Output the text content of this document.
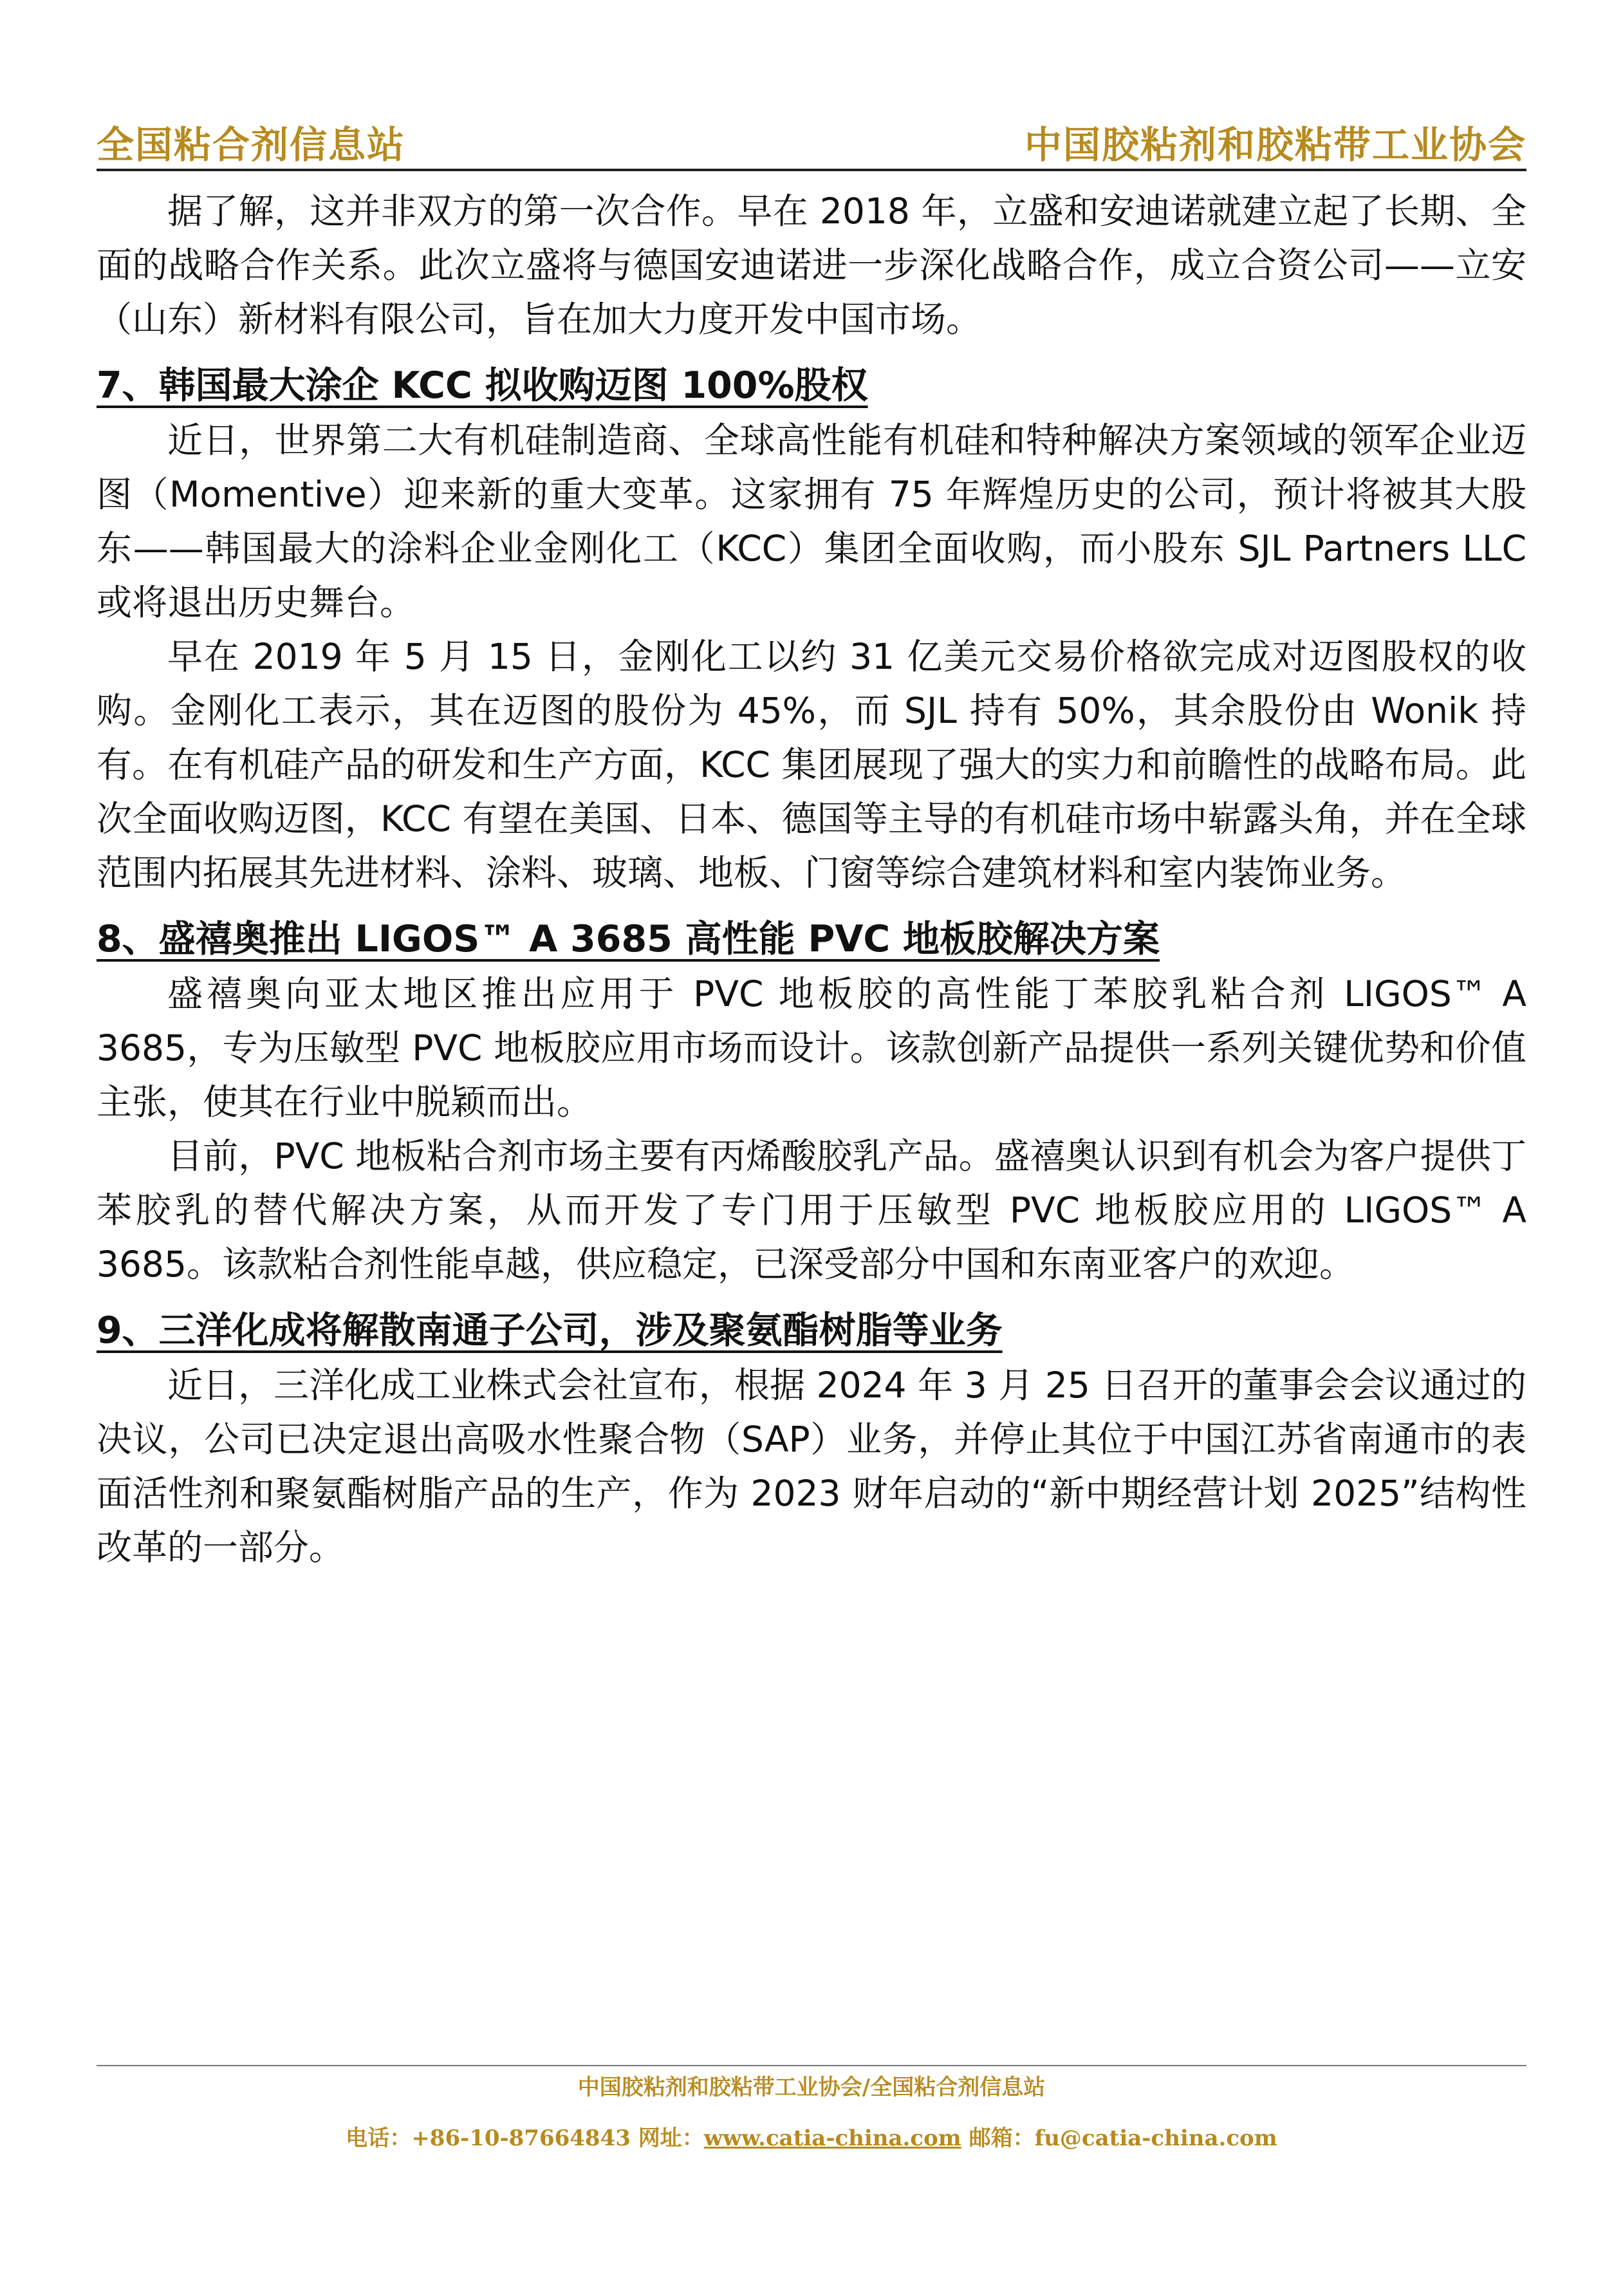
全国粘合剂信息站	中国胶粘剂和胶粘带工业协会

据了解，这并非双方的第一次合作。早在 2018 年，立盛和安迪诺就建立起了长期、全面的战略合作关系。此次立盛将与德国安迪诺进一步深化战略合作，成立合资公司——立安（山东）新材料有限公司，旨在加大力度开发中国市场。

7、韩国最大涂企 KCC 拟收购迈图 100%股权

近日，世界第二大有机硅制造商、全球高性能有机硅和特种解决方案领域的领军企业迈图（Momentive）迎来新的重大变革。这家拥有 75 年辉煌历史的公司，预计将被其大股东——韩国最大的涂料企业金刚化工（KCC）集团全面收购，而小股东 SJL Partners LLC 或将退出历史舞台。

早在 2019 年 5 月 15 日，金刚化工以约 31 亿美元交易价格欲完成对迈图股权的收购。金刚化工表示，其在迈图的股份为 45%，而 SJL 持有 50%，其余股份由 Wonik 持有。在有机硅产品的研发和生产方面，KCC 集团展现了强大的实力和前瞻性的战略布局。此次全面收购迈图，KCC 有望在美国、日本、德国等主导的有机硅市场中崭露头角，并在全球范围内拓展其先进材料、涂料、玻璃、地板、门窗等综合建筑材料和室内装饰业务。

8、盛禧奥推出 LIGOS™ A 3685 高性能 PVC 地板胶解决方案

盛禧奥向亚太地区推出应用于 PVC 地板胶的高性能丁苯胶乳粘合剂 LIGOS™ A 3685，专为压敏型 PVC 地板胶应用市场而设计。该款创新产品提供一系列关键优势和价值主张，使其在行业中脱颖而出。

目前，PVC 地板粘合剂市场主要有丙烯酸胶乳产品。盛禧奥认识到有机会为客户提供丁苯胶乳的替代解决方案，从而开发了专门用于压敏型 PVC 地板胶应用的 LIGOS™ A 3685。该款粘合剂性能卓越，供应稳定，已深受部分中国和东南亚客户的欢迎。

9、三洋化成将解散南通子公司，涉及聚氨酯树脂等业务

近日，三洋化成工业株式会社宣布，根据 2024 年 3 月 25 日召开的董事会会议通过的决议，公司已决定退出高吸水性聚合物（SAP）业务，并停止其位于中国江苏省南通市的表面活性剂和聚氨酯树脂产品的生产，作为 2023 财年启动的“新中期经营计划 2025”结构性改革的一部分。

中国胶粘剂和胶粘带工业协会/全国粘合剂信息站
电话：+86-10-87664843 网址：www.catia-china.com 邮箱：fu@catia-china.com
